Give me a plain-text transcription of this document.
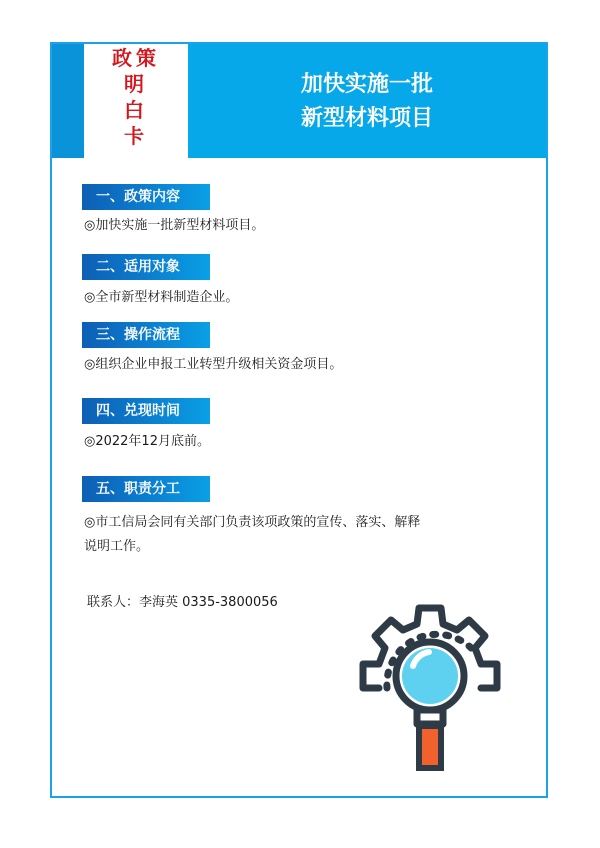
政 策
明
白
卡
加快实施一批
新型材料项目
一、政策内容
◎加快实施一批新型材料项目。
二、适用对象
◎全市新型材料制造企业。
三、操作流程
◎组织企业申报工业转型升级相关资金项目。
四、兑现时间
◎2022年12月底前。
五、职责分工
◎市工信局会同有关部门负责该项政策的宣传、落实、解释
说明工作。
联系人：李海英 0335-3800056
